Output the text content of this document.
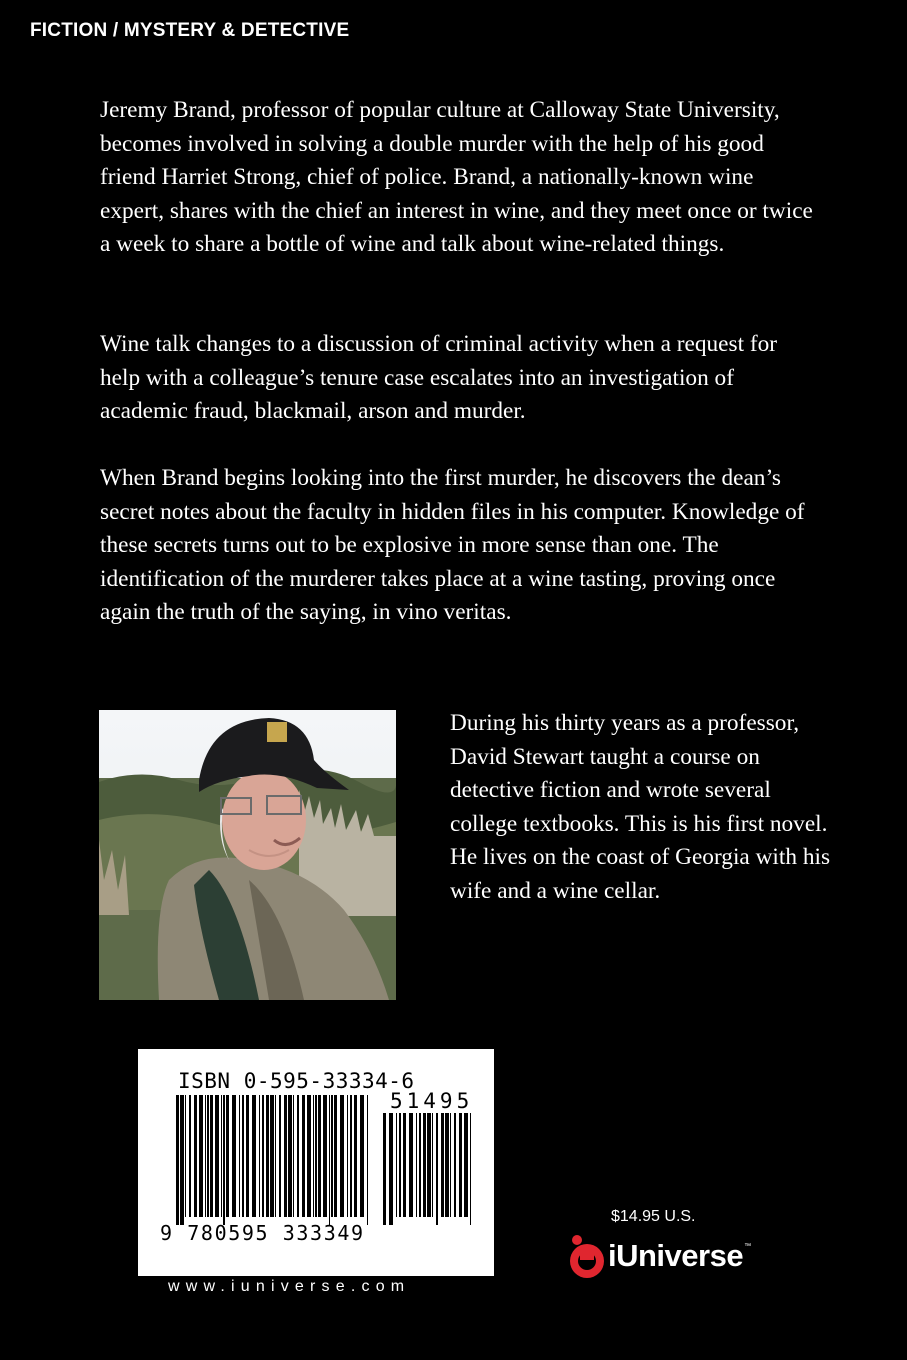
FICTION / MYSTERY & DETECTIVE

Jeremy Brand, professor of popular culture at Calloway State University, becomes involved in solving a double murder with the help of his good friend Harriet Strong, chief of police. Brand, a nationally-known wine expert, shares with the chief an interest in wine, and they meet once or twice a week to share a bottle of wine and talk about wine-related things.

Wine talk changes to a discussion of criminal activity when a request for help with a colleague’s tenure case escalates into an investigation of academic fraud, blackmail, arson and murder.

When Brand begins looking into the first murder, he discovers the dean’s secret notes about the faculty in hidden files in his computer. Knowledge of these secrets turns out to be explosive in more sense than one. The identification of the murderer takes place at a wine tasting, proving once again the truth of the saying, in vino veritas.

During his thirty years as a professor, David Stewart taught a course on detective fiction and wrote several college textbooks. This is his first novel. He lives on the coast of Georgia with his wife and a wine cellar.

ISBN 0-595-33334-6
51495
9 780595 333349
www.iuniverse.com
$14.95 U.S.
iUniverse ™
